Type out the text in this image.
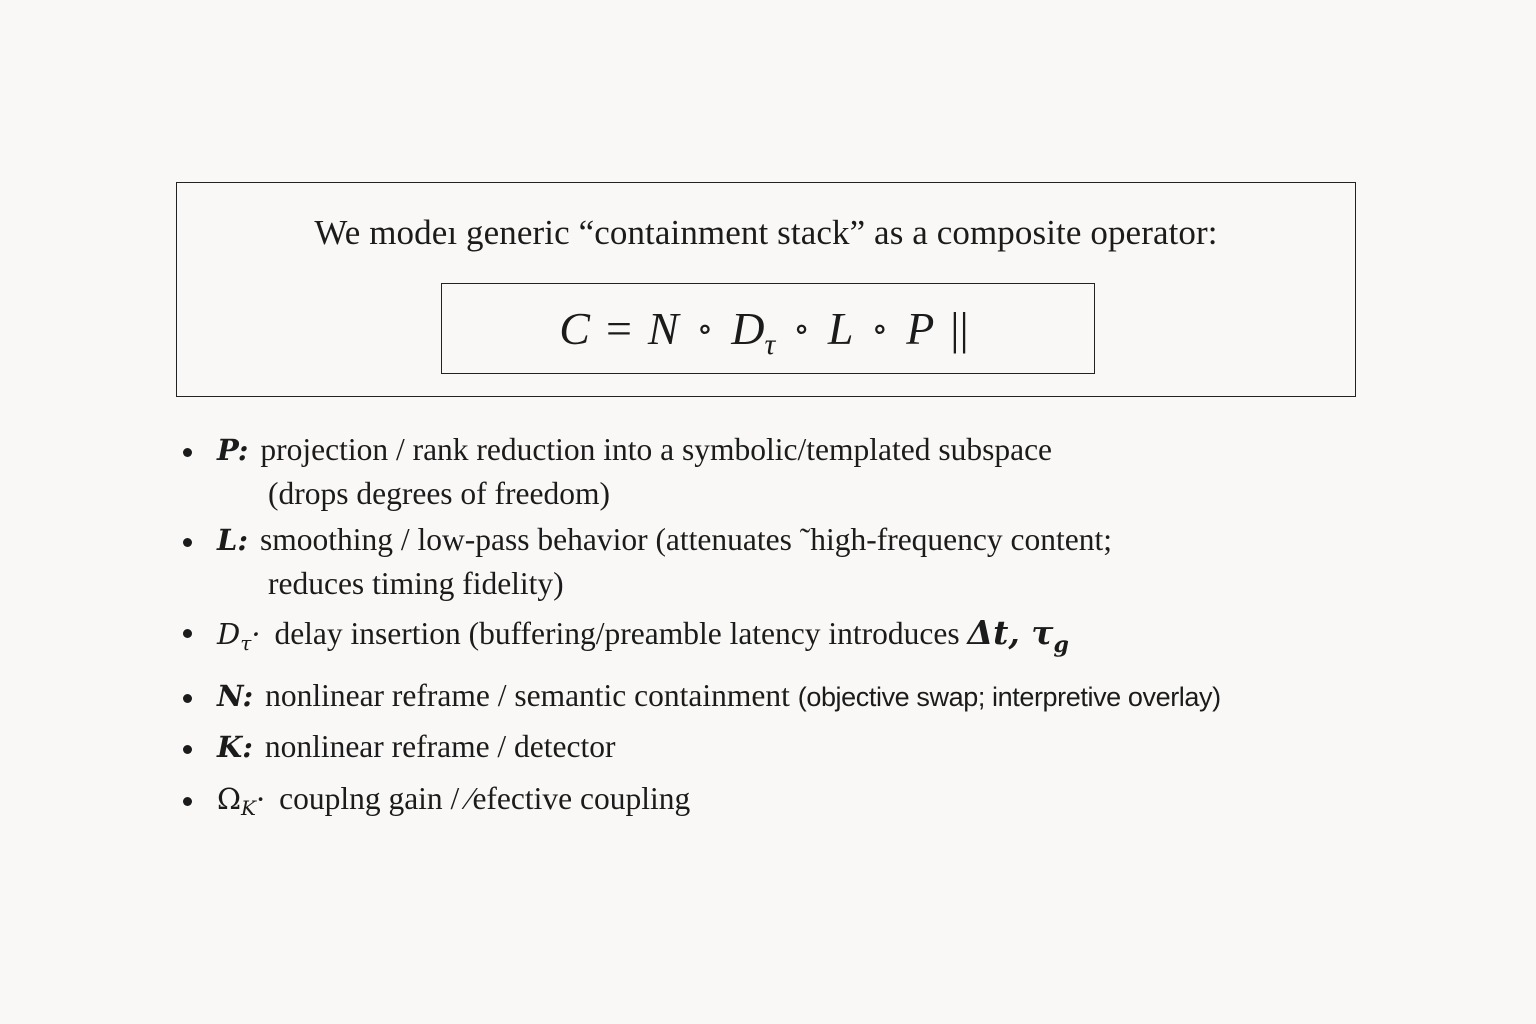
We modeı generic “containment stack” as a composite operator:
C = N ∘ $D_\tau$ ∘ L ∘ P ||
P: projection / rank reduction into a symbolic/templated subspace
(drops degrees of freedom)
L: smoothing / low-pass behavior (attenuates ˜high-frequency content;
reduces timing fidelity)
$D_\tau\cdot$ delay insertion (buffering/preamble latency introduces Δt, $\tau_g$
N: nonlinear reframe / semantic containment (objective swap; interpretive overlay)
K: nonlinear reframe / detector
$\Omega_K\cdot$ couplng gain / ⁄efective coupling
